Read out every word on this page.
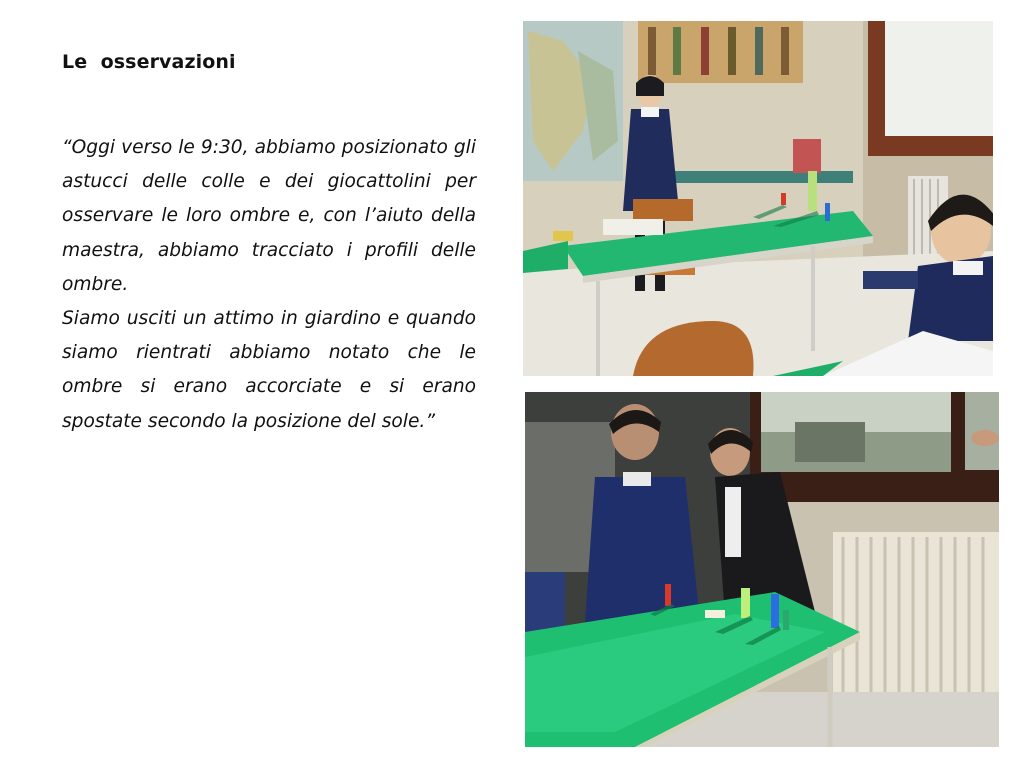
Le  osservazioni

“Oggi verso le 9:30, abbiamo posizionato gli astucci delle colle e dei giocattolini per osservare le loro ombre e, con l’aiuto della maestra, abbiamo tracciato i profili delle ombre.

Siamo usciti un attimo in giardino e quando siamo rientrati abbiamo notato che le ombre si erano accorciate e si erano spostate secondo la posizione del sole.”
